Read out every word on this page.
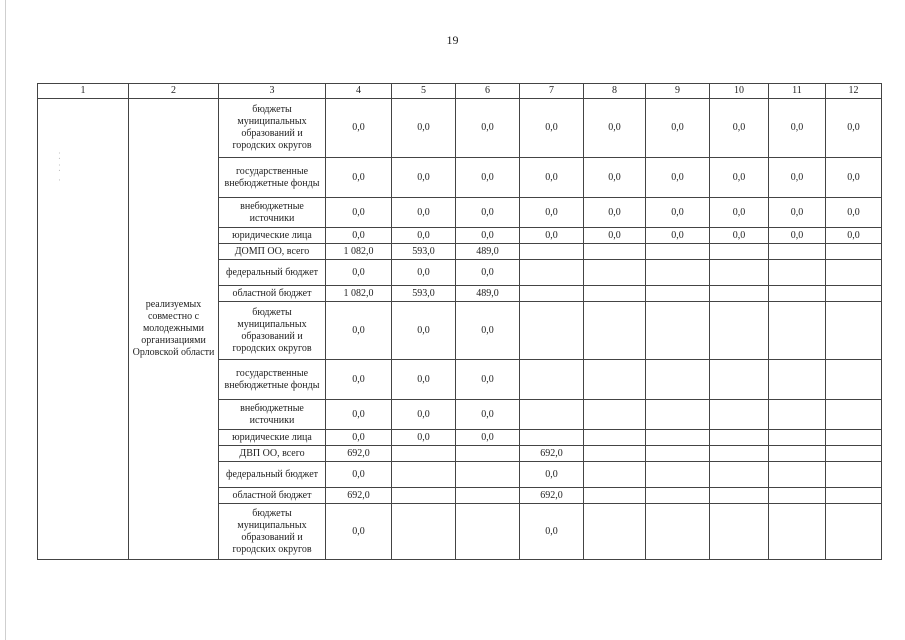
19
⁚
⁚
·
1	2	3	4	5	6	7	8	9	10	11	12
	реализуемых совместно с молодежными организациями Орловской области	бюджеты муниципальных образований и городских округов	0,0	0,0	0,0	0,0	0,0	0,0	0,0	0,0	0,0
		государственные внебюджетные фонды	0,0	0,0	0,0	0,0	0,0	0,0	0,0	0,0	0,0
		внебюджетные источники	0,0	0,0	0,0	0,0	0,0	0,0	0,0	0,0	0,0
		юридические лица	0,0	0,0	0,0	0,0	0,0	0,0	0,0	0,0	0,0
		ДОМП ОО, всего	1 082,0	593,0	489,0						
		федеральный бюджет	0,0	0,0	0,0						
		областной бюджет	1 082,0	593,0	489,0						
		бюджеты муниципальных образований и городских округов	0,0	0,0	0,0						
		государственные внебюджетные фонды	0,0	0,0	0,0						
		внебюджетные источники	0,0	0,0	0,0						
		юридические лица	0,0	0,0	0,0						
		ДВП ОО, всего	692,0			692,0					
		федеральный бюджет	0,0			0,0					
		областной бюджет	692,0			692,0					
		бюджеты муниципальных образований и городских округов	0,0			0,0					
